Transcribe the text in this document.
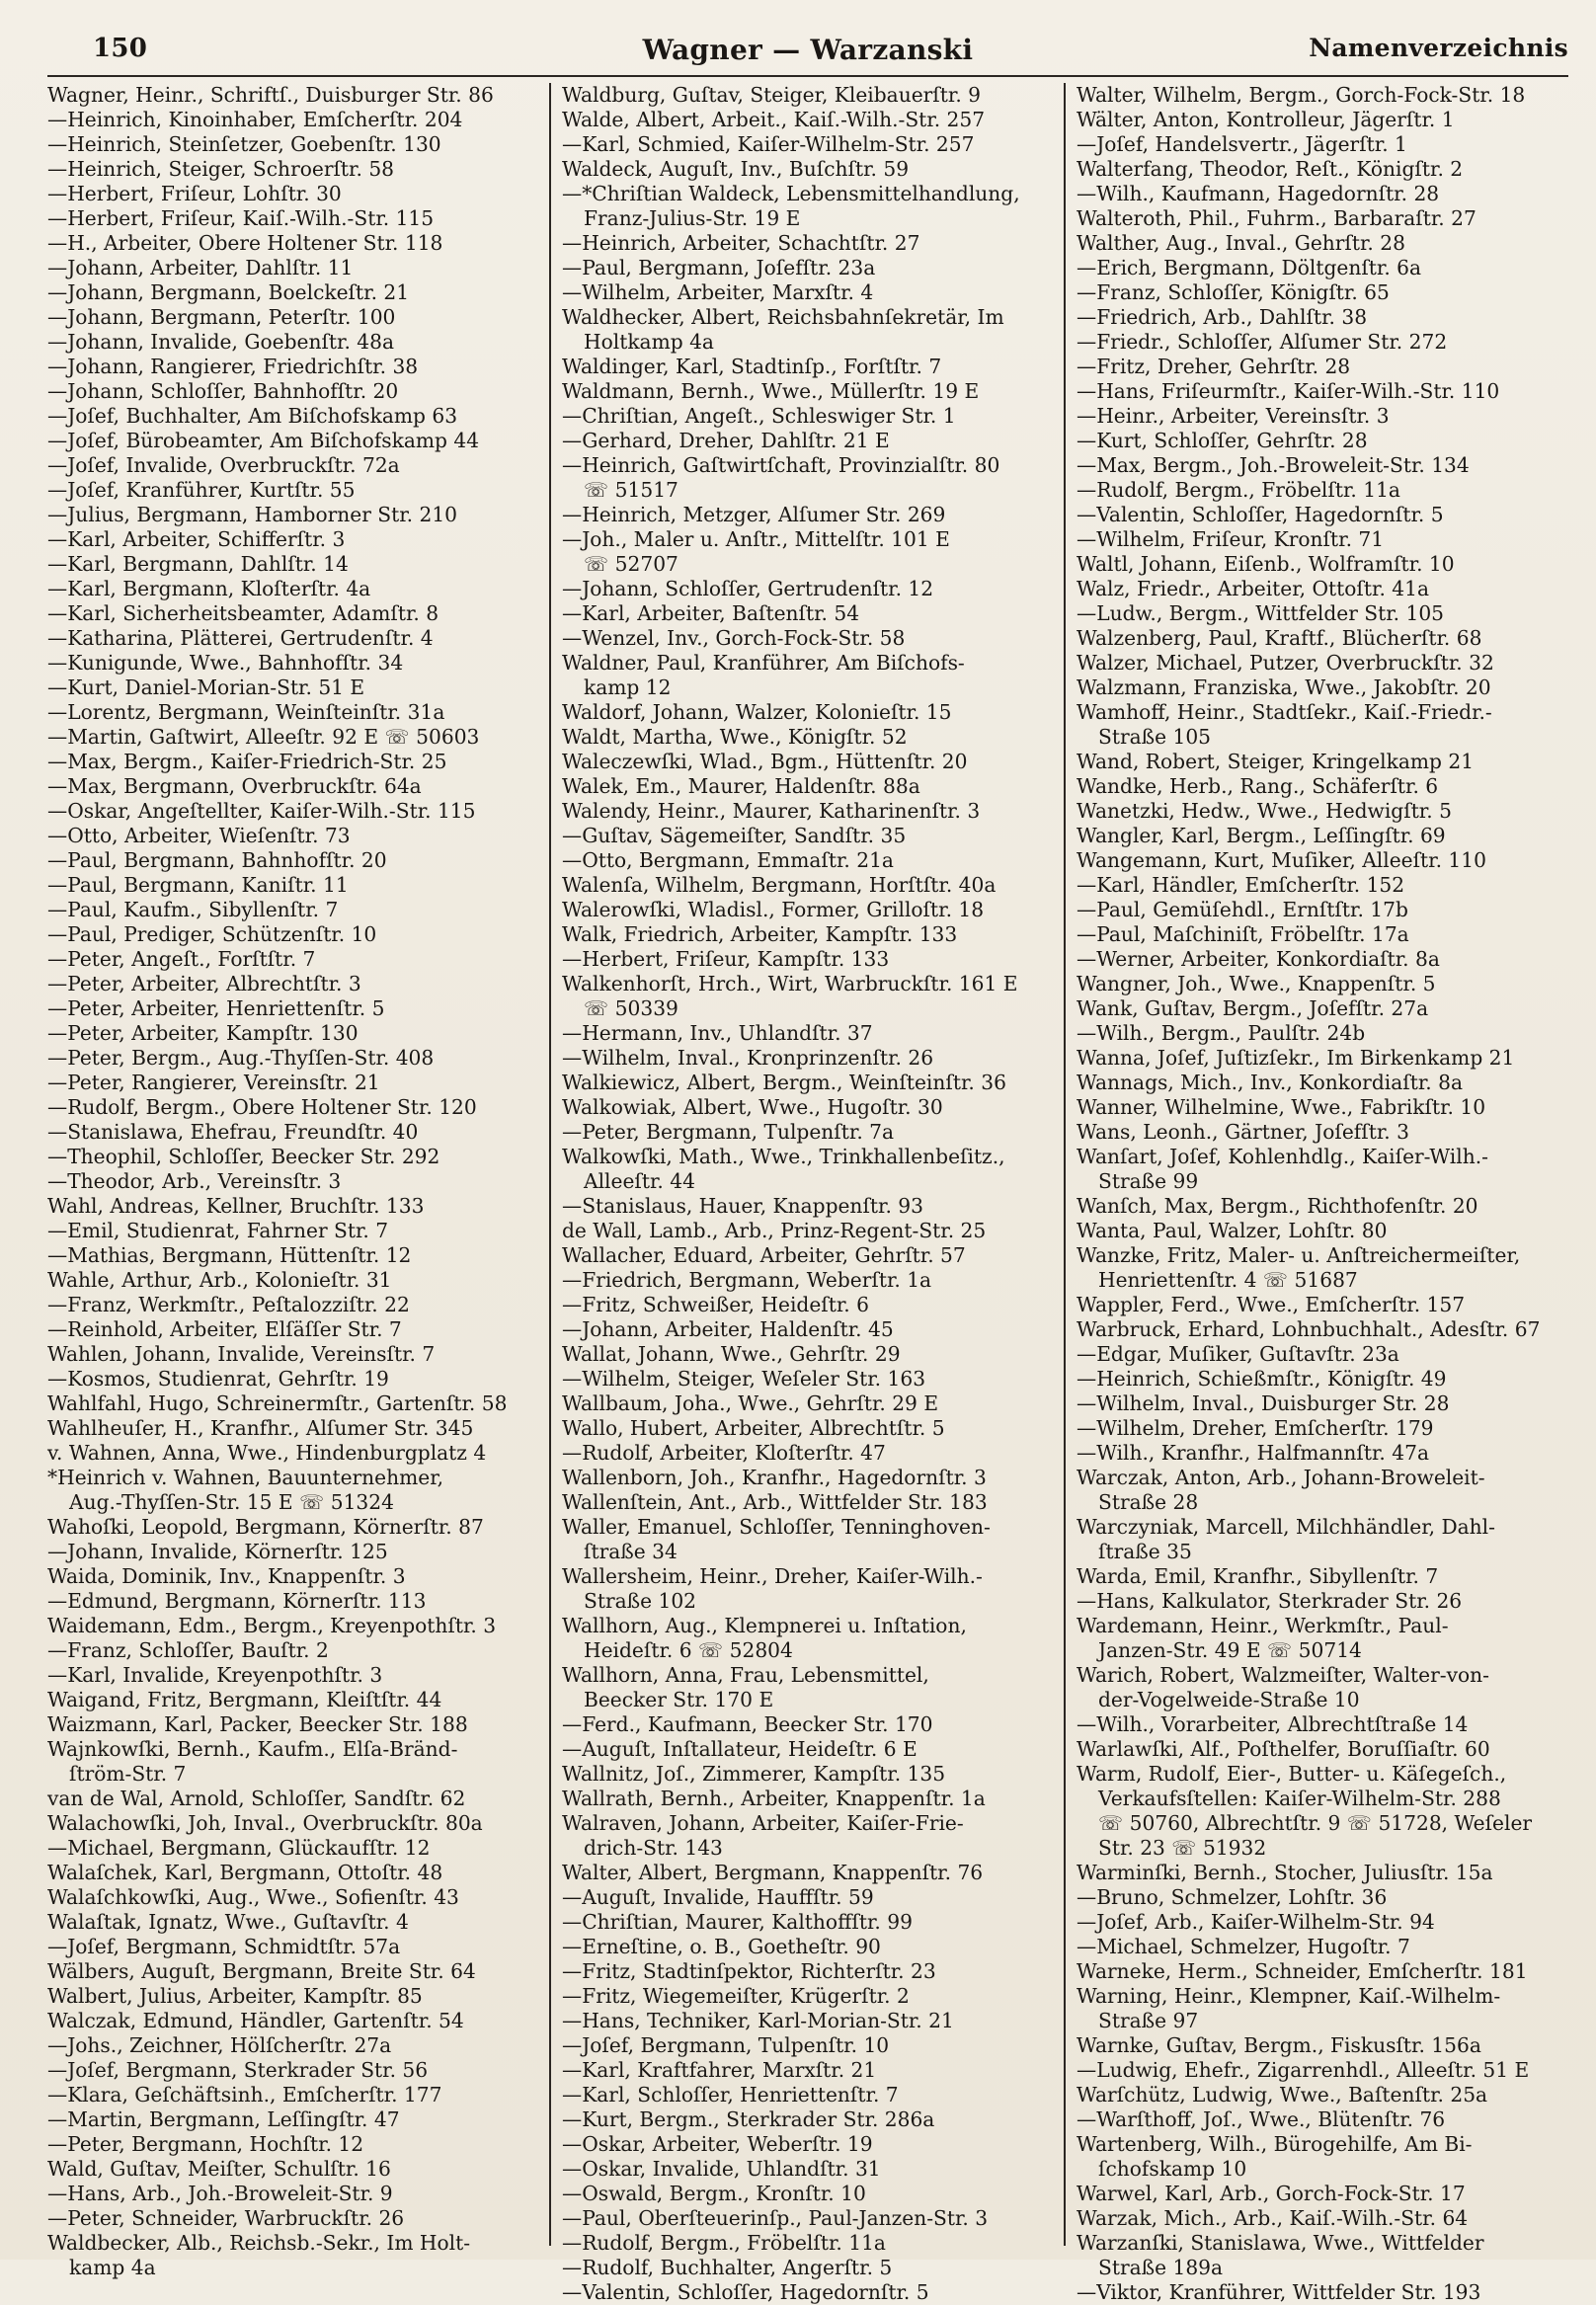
150	Wagner — Warzanski	Namenverzeichnis
Wagner, Heinr., Schriftſ., Duisburger Str. 86
—Heinrich, Kinoinhaber, Emſcherſtr. 204
—Heinrich, Steinſetzer, Goebenſtr. 130
—Heinrich, Steiger, Schroerſtr. 58
—Herbert, Friſeur, Lohſtr. 30
—Herbert, Friſeur, Kaiſ.-Wilh.-Str. 115
—H., Arbeiter, Obere Holtener Str. 118
—Johann, Arbeiter, Dahlſtr. 11
—Johann, Bergmann, Boelckeſtr. 21
—Johann, Bergmann, Peterſtr. 100
—Johann, Invalide, Goebenſtr. 48a
—Johann, Rangierer, Friedrichſtr. 38
—Johann, Schloſſer, Bahnhofſtr. 20
—Joſef, Buchhalter, Am Biſchofskamp 63
—Joſef, Bürobeamter, Am Biſchofskamp 44
—Joſef, Invalide, Overbruckſtr. 72a
—Joſef, Kranführer, Kurtſtr. 55
—Julius, Bergmann, Hamborner Str. 210
—Karl, Arbeiter, Schifferſtr. 3
—Karl, Bergmann, Dahlſtr. 14
—Karl, Bergmann, Kloſterſtr. 4a
—Karl, Sicherheitsbeamter, Adamſtr. 8
—Katharina, Plätterei, Gertrudenſtr. 4
—Kunigunde, Wwe., Bahnhofſtr. 34
—Kurt, Daniel-Morian-Str. 51 E
—Lorentz, Bergmann, Weinſteinſtr. 31a
—Martin, Gaſtwirt, Alleeſtr. 92 E ☏ 50603
—Max, Bergm., Kaiſer-Friedrich-Str. 25
—Max, Bergmann, Overbruckſtr. 64a
—Oskar, Angeſtellter, Kaiſer-Wilh.-Str. 115
—Otto, Arbeiter, Wieſenſtr. 73
—Paul, Bergmann, Bahnhofſtr. 20
—Paul, Bergmann, Kaniſtr. 11
—Paul, Kaufm., Sibyllenſtr. 7
—Paul, Prediger, Schützenſtr. 10
—Peter, Angeſt., Forſtſtr. 7
—Peter, Arbeiter, Albrechtſtr. 3
—Peter, Arbeiter, Henriettenſtr. 5
—Peter, Arbeiter, Kampſtr. 130
—Peter, Bergm., Aug.-Thyſſen-Str. 408
—Peter, Rangierer, Vereinsſtr. 21
—Rudolf, Bergm., Obere Holtener Str. 120
—Stanislawa, Ehefrau, Freundſtr. 40
—Theophil, Schloſſer, Beecker Str. 292
—Theodor, Arb., Vereinsſtr. 3
Wahl, Andreas, Kellner, Bruchſtr. 133
—Emil, Studienrat, Fahrner Str. 7
—Mathias, Bergmann, Hüttenſtr. 12
Wahle, Arthur, Arb., Kolonieſtr. 31
—Franz, Werkmſtr., Peſtalozziſtr. 22
—Reinhold, Arbeiter, Elſäſſer Str. 7
Wahlen, Johann, Invalide, Vereinsſtr. 7
—Kosmos, Studienrat, Gehrſtr. 19
Wahlfahl, Hugo, Schreinermſtr., Gartenſtr. 58
Wahlheuſer, H., Kranfhr., Alſumer Str. 345
v. Wahnen, Anna, Wwe., Hindenburgplatz 4
*Heinrich v. Wahnen, Bauunternehmer,
Aug.-Thyſſen-Str. 15 E ☏ 51324
Wahoſki, Leopold, Bergmann, Körnerſtr. 87
—Johann, Invalide, Körnerſtr. 125
Waida, Dominik, Inv., Knappenſtr. 3
—Edmund, Bergmann, Körnerſtr. 113
Waidemann, Edm., Bergm., Kreyenpothſtr. 3
—Franz, Schloſſer, Bauſtr. 2
—Karl, Invalide, Kreyenpothſtr. 3
Waigand, Fritz, Bergmann, Kleiſtſtr. 44
Waizmann, Karl, Packer, Beecker Str. 188
Wajnkowſki, Bernh., Kaufm., Elſa-Bränd-
ſtröm-Str. 7
van de Wal, Arnold, Schloſſer, Sandſtr. 62
Walachowſki, Joh, Inval., Overbruckſtr. 80a
—Michael, Bergmann, Glückaufſtr. 12
Walaſchek, Karl, Bergmann, Ottoſtr. 48
Walaſchkowſki, Aug., Wwe., Sofienſtr. 43
Walaſtak, Ignatz, Wwe., Guſtavſtr. 4
—Joſef, Bergmann, Schmidtſtr. 57a
Wälbers, Auguſt, Bergmann, Breite Str. 64
Walbert, Julius, Arbeiter, Kampſtr. 85
Walczak, Edmund, Händler, Gartenſtr. 54
—Johs., Zeichner, Hölſcherſtr. 27a
—Joſef, Bergmann, Sterkrader Str. 56
—Klara, Geſchäftsinh., Emſcherſtr. 177
—Martin, Bergmann, Leſſingſtr. 47
—Peter, Bergmann, Hochſtr. 12
Wald, Guſtav, Meiſter, Schulſtr. 16
—Hans, Arb., Joh.-Broweleit-Str. 9
—Peter, Schneider, Warbruckſtr. 26
Waldbecker, Alb., Reichsb.-Sekr., Im Holt-
kamp 4a
Waldburg, Guſtav, Steiger, Kleibauerſtr. 9
Walde, Albert, Arbeit., Kaiſ.-Wilh.-Str. 257
—Karl, Schmied, Kaiſer-Wilhelm-Str. 257
Waldeck, Auguſt, Inv., Buſchſtr. 59
—*Chriſtian Waldeck, Lebensmittelhandlung,
Franz-Julius-Str. 19 E
—Heinrich, Arbeiter, Schachtſtr. 27
—Paul, Bergmann, Joſefſtr. 23a
—Wilhelm, Arbeiter, Marxſtr. 4
Waldhecker, Albert, Reichsbahnſekretär, Im
Holtkamp 4a
Waldinger, Karl, Stadtinſp., Forſtſtr. 7
Waldmann, Bernh., Wwe., Müllerſtr. 19 E
—Chriſtian, Angeſt., Schleswiger Str. 1
—Gerhard, Dreher, Dahlſtr. 21 E
—Heinrich, Gaſtwirtſchaft, Provinzialſtr. 80
☏ 51517
—Heinrich, Metzger, Alſumer Str. 269
—Joh., Maler u. Anſtr., Mittelſtr. 101 E
☏ 52707
—Johann, Schloſſer, Gertrudenſtr. 12
—Karl, Arbeiter, Baſtenſtr. 54
—Wenzel, Inv., Gorch-Fock-Str. 58
Waldner, Paul, Kranführer, Am Biſchofs-
kamp 12
Waldorf, Johann, Walzer, Kolonieſtr. 15
Waldt, Martha, Wwe., Königſtr. 52
Waleczewſki, Wlad., Bgm., Hüttenſtr. 20
Walek, Em., Maurer, Haldenſtr. 88a
Walendy, Heinr., Maurer, Katharinenſtr. 3
—Guſtav, Sägemeiſter, Sandſtr. 35
—Otto, Bergmann, Emmaſtr. 21a
Walenſa, Wilhelm, Bergmann, Horſtſtr. 40a
Walerowſki, Wladisl., Former, Grilloſtr. 18
Walk, Friedrich, Arbeiter, Kampſtr. 133
—Herbert, Friſeur, Kampſtr. 133
Walkenhorſt, Hrch., Wirt, Warbruckſtr. 161 E
☏ 50339
—Hermann, Inv., Uhlandſtr. 37
—Wilhelm, Inval., Kronprinzenſtr. 26
Walkiewicz, Albert, Bergm., Weinſteinſtr. 36
Walkowiak, Albert, Wwe., Hugoſtr. 30
—Peter, Bergmann, Tulpenſtr. 7a
Walkowſki, Math., Wwe., Trinkhallenbeſitz.,
Alleeſtr. 44
—Stanislaus, Hauer, Knappenſtr. 93
de Wall, Lamb., Arb., Prinz-Regent-Str. 25
Wallacher, Eduard, Arbeiter, Gehrſtr. 57
—Friedrich, Bergmann, Weberſtr. 1a
—Fritz, Schweißer, Heideſtr. 6
—Johann, Arbeiter, Haldenſtr. 45
Wallat, Johann, Wwe., Gehrſtr. 29
—Wilhelm, Steiger, Weſeler Str. 163
Wallbaum, Joha., Wwe., Gehrſtr. 29 E
Wallo, Hubert, Arbeiter, Albrechtſtr. 5
—Rudolf, Arbeiter, Kloſterſtr. 47
Wallenborn, Joh., Kranfhr., Hagedornſtr. 3
Wallenſtein, Ant., Arb., Wittfelder Str. 183
Waller, Emanuel, Schloſſer, Tenninghoven-
ſtraße 34
Wallersheim, Heinr., Dreher, Kaiſer-Wilh.-
Straße 102
Wallhorn, Aug., Klempnerei u. Inſtation,
Heideſtr. 6 ☏ 52804
Wallhorn, Anna, Frau, Lebensmittel,
Beecker Str. 170 E
—Ferd., Kaufmann, Beecker Str. 170
—Auguſt, Inſtallateur, Heideſtr. 6 E
Wallnitz, Joſ., Zimmerer, Kampſtr. 135
Wallrath, Bernh., Arbeiter, Knappenſtr. 1a
Walraven, Johann, Arbeiter, Kaiſer-Frie-
drich-Str. 143
Walter, Albert, Bergmann, Knappenſtr. 76
—Auguſt, Invalide, Hauffſtr. 59
—Chriſtian, Maurer, Kalthoffſtr. 99
—Erneſtine, o. B., Goetheſtr. 90
—Fritz, Stadtinſpektor, Richterſtr. 23
—Fritz, Wiegemeiſter, Krügerſtr. 2
—Hans, Techniker, Karl-Morian-Str. 21
—Joſef, Bergmann, Tulpenſtr. 10
—Karl, Kraftfahrer, Marxſtr. 21
—Karl, Schloſſer, Henriettenſtr. 7
—Kurt, Bergm., Sterkrader Str. 286a
—Oskar, Arbeiter, Weberſtr. 19
—Oskar, Invalide, Uhlandſtr. 31
—Oswald, Bergm., Kronſtr. 10
—Paul, Oberſteuerinſp., Paul-Janzen-Str. 3
—Rudolf, Bergm., Fröbelſtr. 11a
—Rudolf, Buchhalter, Angerſtr. 5
—Valentin, Schloſſer, Hagedornſtr. 5
Walter, Wilhelm, Bergm., Gorch-Fock-Str. 18
Wälter, Anton, Kontrolleur, Jägerſtr. 1
—Joſef, Handelsvertr., Jägerſtr. 1
Walterfang, Theodor, Reſt., Königſtr. 2
—Wilh., Kaufmann, Hagedornſtr. 28
Walteroth, Phil., Fuhrm., Barbaraſtr. 27
Walther, Aug., Inval., Gehrſtr. 28
—Erich, Bergmann, Döltgenſtr. 6a
—Franz, Schloſſer, Königſtr. 65
—Friedrich, Arb., Dahlſtr. 38
—Friedr., Schloſſer, Alſumer Str. 272
—Fritz, Dreher, Gehrſtr. 28
—Hans, Friſeurmſtr., Kaiſer-Wilh.-Str. 110
—Heinr., Arbeiter, Vereinsſtr. 3
—Kurt, Schloſſer, Gehrſtr. 28
—Max, Bergm., Joh.-Broweleit-Str. 134
—Rudolf, Bergm., Fröbelſtr. 11a
—Valentin, Schloſſer, Hagedornſtr. 5
—Wilhelm, Friſeur, Kronſtr. 71
Waltl, Johann, Eiſenb., Wolframſtr. 10
Walz, Friedr., Arbeiter, Ottoſtr. 41a
—Ludw., Bergm., Wittfelder Str. 105
Walzenberg, Paul, Kraftf., Blücherſtr. 68
Walzer, Michael, Putzer, Overbruckſtr. 32
Walzmann, Franziska, Wwe., Jakobſtr. 20
Wamhoff, Heinr., Stadtſekr., Kaiſ.-Friedr.-
Straße 105
Wand, Robert, Steiger, Kringelkamp 21
Wandke, Herb., Rang., Schäferſtr. 6
Wanetzki, Hedw., Wwe., Hedwigſtr. 5
Wangler, Karl, Bergm., Leſſingſtr. 69
Wangemann, Kurt, Muſiker, Alleeſtr. 110
—Karl, Händler, Emſcherſtr. 152
—Paul, Gemüſehdl., Ernſtſtr. 17b
—Paul, Maſchiniſt, Fröbelſtr. 17a
—Werner, Arbeiter, Konkordiaſtr. 8a
Wangner, Joh., Wwe., Knappenſtr. 5
Wank, Guſtav, Bergm., Joſefſtr. 27a
—Wilh., Bergm., Paulſtr. 24b
Wanna, Joſef, Juſtizſekr., Im Birkenkamp 21
Wannags, Mich., Inv., Konkordiaſtr. 8a
Wanner, Wilhelmine, Wwe., Fabrikſtr. 10
Wans, Leonh., Gärtner, Joſefſtr. 3
Wanſart, Joſef, Kohlenhdlg., Kaiſer-Wilh.-
Straße 99
Wanſch, Max, Bergm., Richthofenſtr. 20
Wanta, Paul, Walzer, Lohſtr. 80
Wanzke, Fritz, Maler- u. Anſtreichermeiſter,
Henriettenſtr. 4 ☏ 51687
Wappler, Ferd., Wwe., Emſcherſtr. 157
Warbruck, Erhard, Lohnbuchhalt., Adesſtr. 67
—Edgar, Muſiker, Guſtavſtr. 23a
—Heinrich, Schießmſtr., Königſtr. 49
—Wilhelm, Inval., Duisburger Str. 28
—Wilhelm, Dreher, Emſcherſtr. 179
—Wilh., Kranfhr., Halfmannſtr. 47a
Warczak, Anton, Arb., Johann-Broweleit-
Straße 28
Warczyniak, Marcell, Milchhändler, Dahl-
ſtraße 35
Warda, Emil, Kranfhr., Sibyllenſtr. 7
—Hans, Kalkulator, Sterkrader Str. 26
Wardemann, Heinr., Werkmſtr., Paul-
Janzen-Str. 49 E ☏ 50714
Warich, Robert, Walzmeiſter, Walter-von-
der-Vogelweide-Straße 10
—Wilh., Vorarbeiter, Albrechtſtraße 14
Warlawſki, Alf., Poſthelfer, Boruſſiaſtr. 60
Warm, Rudolf, Eier-, Butter- u. Käſegeſch.,
Verkaufsſtellen: Kaiſer-Wilhelm-Str. 288
☏ 50760, Albrechtſtr. 9 ☏ 51728, Weſeler
Str. 23 ☏ 51932
Warminſki, Bernh., Stocher, Juliusſtr. 15a
—Bruno, Schmelzer, Lohſtr. 36
—Joſef, Arb., Kaiſer-Wilhelm-Str. 94
—Michael, Schmelzer, Hugoſtr. 7
Warneke, Herm., Schneider, Emſcherſtr. 181
Warning, Heinr., Klempner, Kaiſ.-Wilhelm-
Straße 97
Warnke, Guſtav, Bergm., Fiskusſtr. 156a
—Ludwig, Ehefr., Zigarrenhdl., Alleeſtr. 51 E
Warſchütz, Ludwig, Wwe., Baſtenſtr. 25a
—Warſthoff, Joſ., Wwe., Blütenſtr. 76
Wartenberg, Wilh., Bürogehilfe, Am Bi-
ſchofskamp 10
Warwel, Karl, Arb., Gorch-Fock-Str. 17
Warzak, Mich., Arb., Kaiſ.-Wilh.-Str. 64
Warzanſki, Stanislawa, Wwe., Wittfelder
Straße 189a
—Viktor, Kranführer, Wittfelder Str. 193
